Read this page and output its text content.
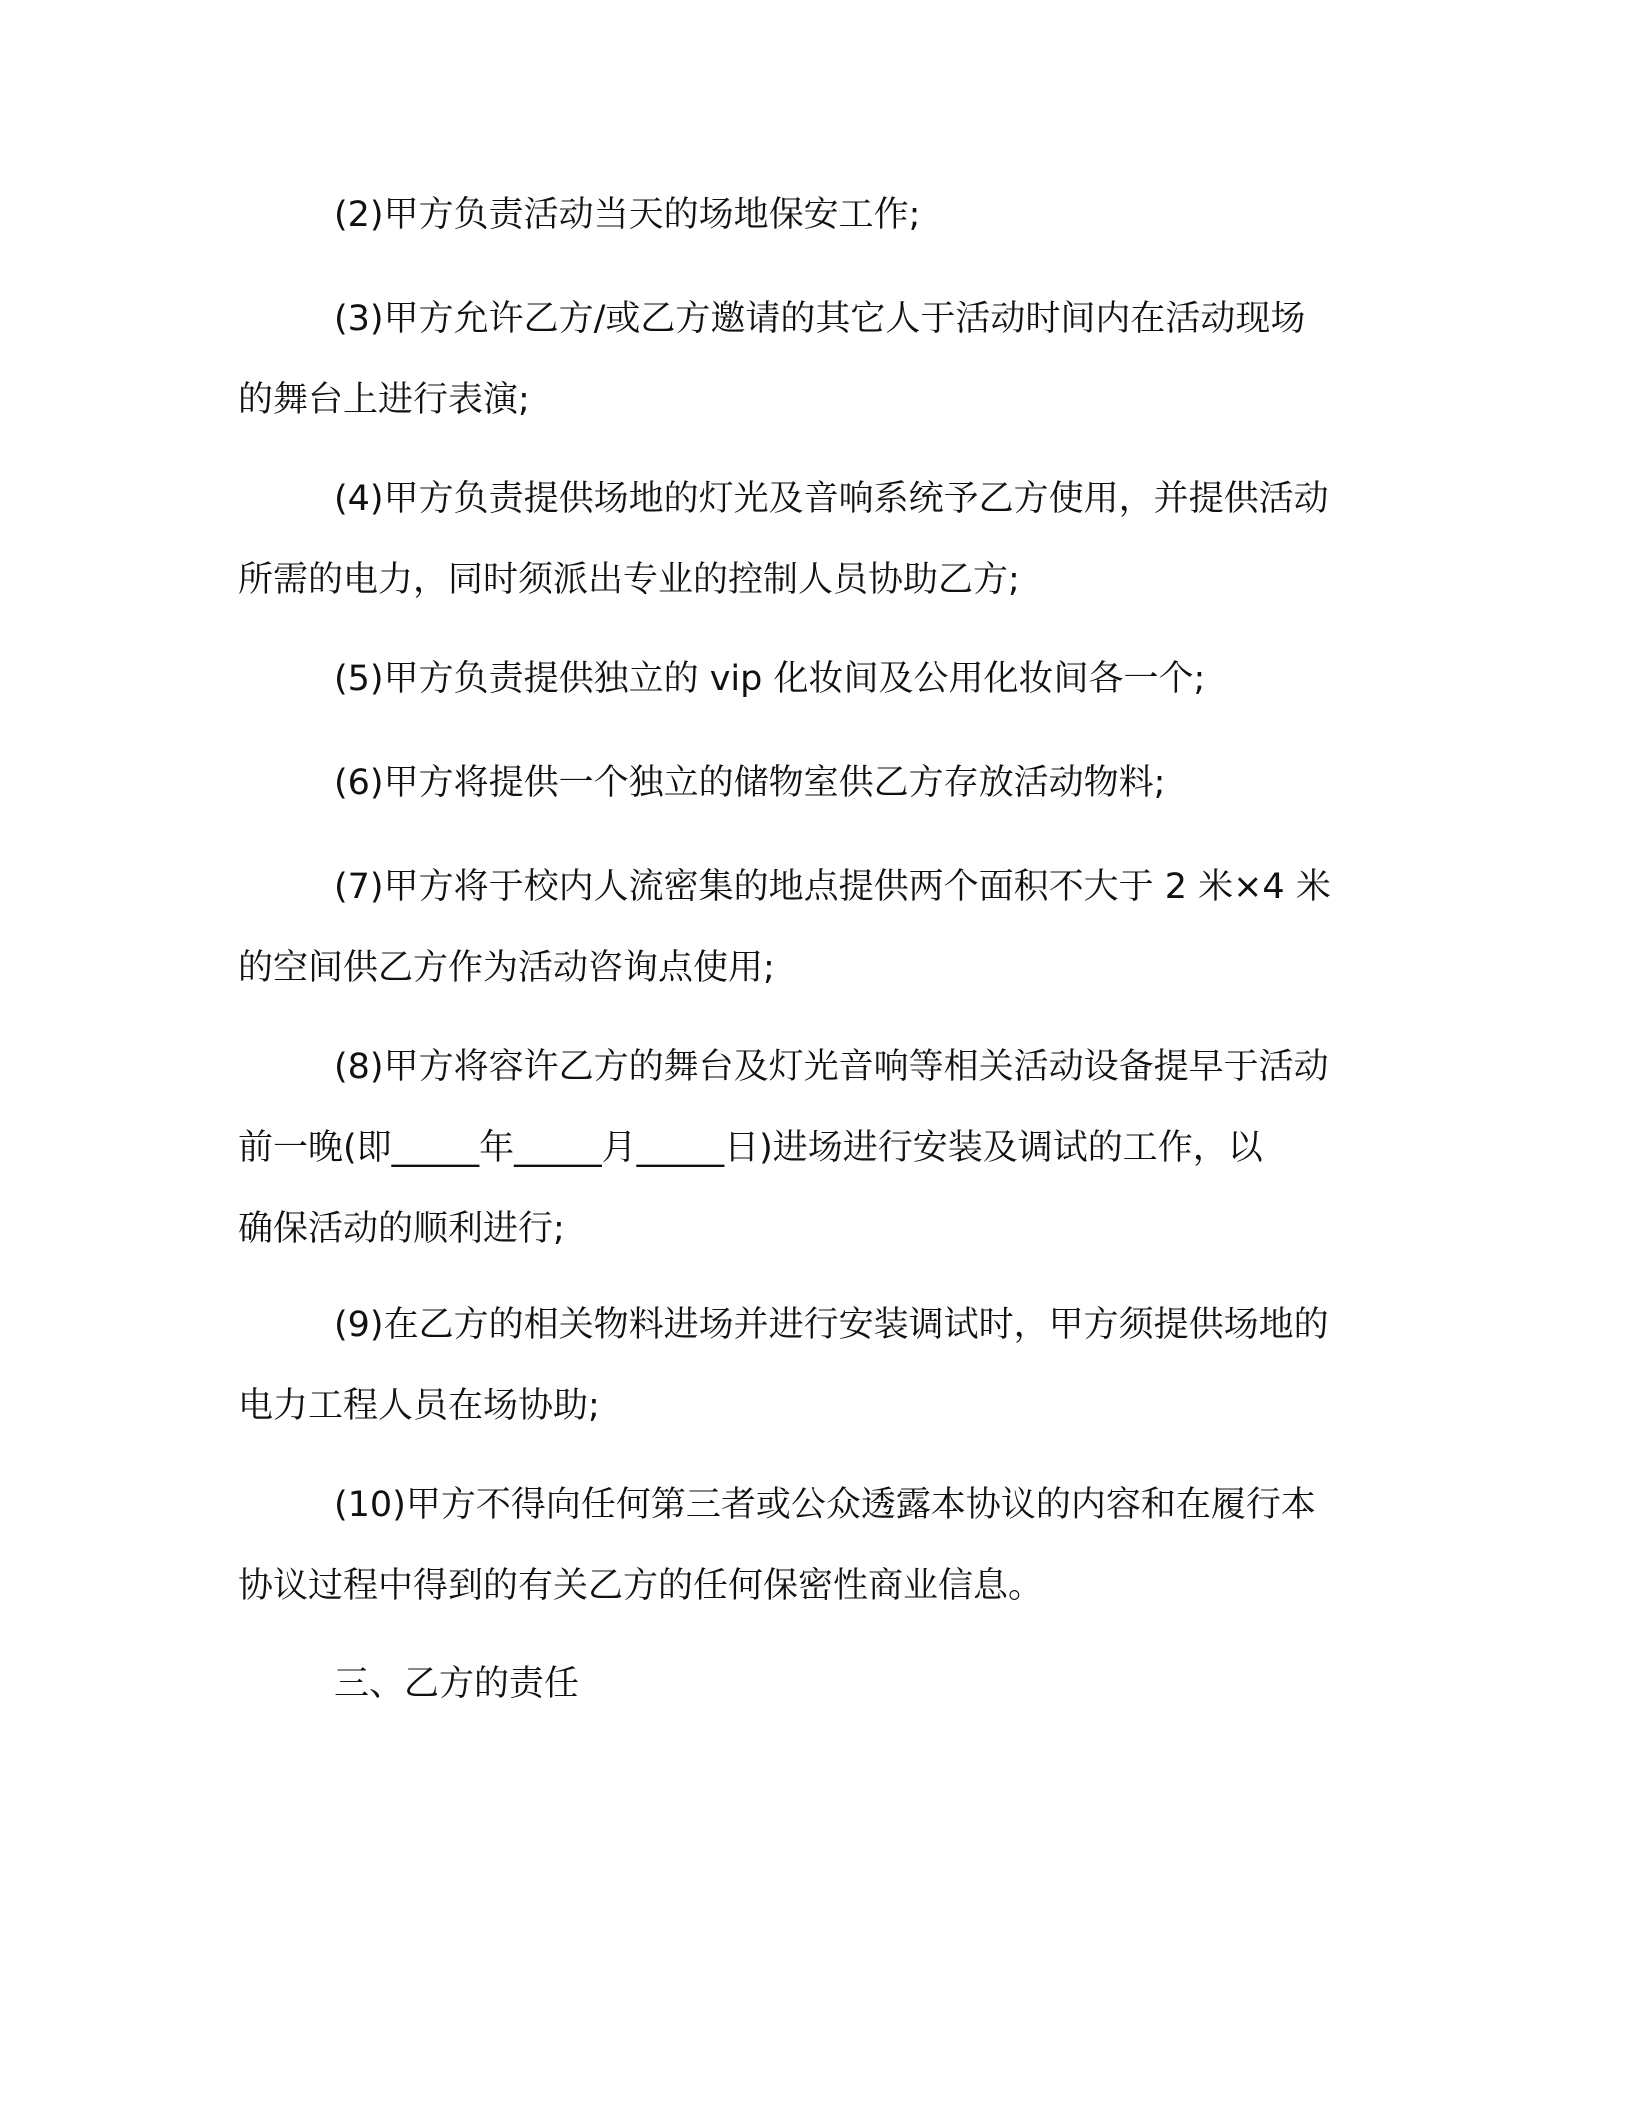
(2)甲方负责活动当天的场地保安工作;
(3)甲方允许乙方/或乙方邀请的其它人于活动时间内在活动现场
的舞台上进行表演;
(4)甲方负责提供场地的灯光及音响系统予乙方使用，并提供活动
所需的电力，同时须派出专业的控制人员协助乙方;
(5)甲方负责提供独立的 vip 化妆间及公用化妆间各一个;
(6)甲方将提供一个独立的储物室供乙方存放活动物料;
(7)甲方将于校内人流密集的地点提供两个面积不大于 2 米×4 米
的空间供乙方作为活动咨询点使用;
(8)甲方将容许乙方的舞台及灯光音响等相关活动设备提早于活动
前一晚(即_____年_____月_____日)进场进行安装及调试的工作，以
确保活动的顺利进行;
(9)在乙方的相关物料进场并进行安装调试时，甲方须提供场地的
电力工程人员在场协助;
(10)甲方不得向任何第三者或公众透露本协议的内容和在履行本
协议过程中得到的有关乙方的任何保密性商业信息。
三、乙方的责任
